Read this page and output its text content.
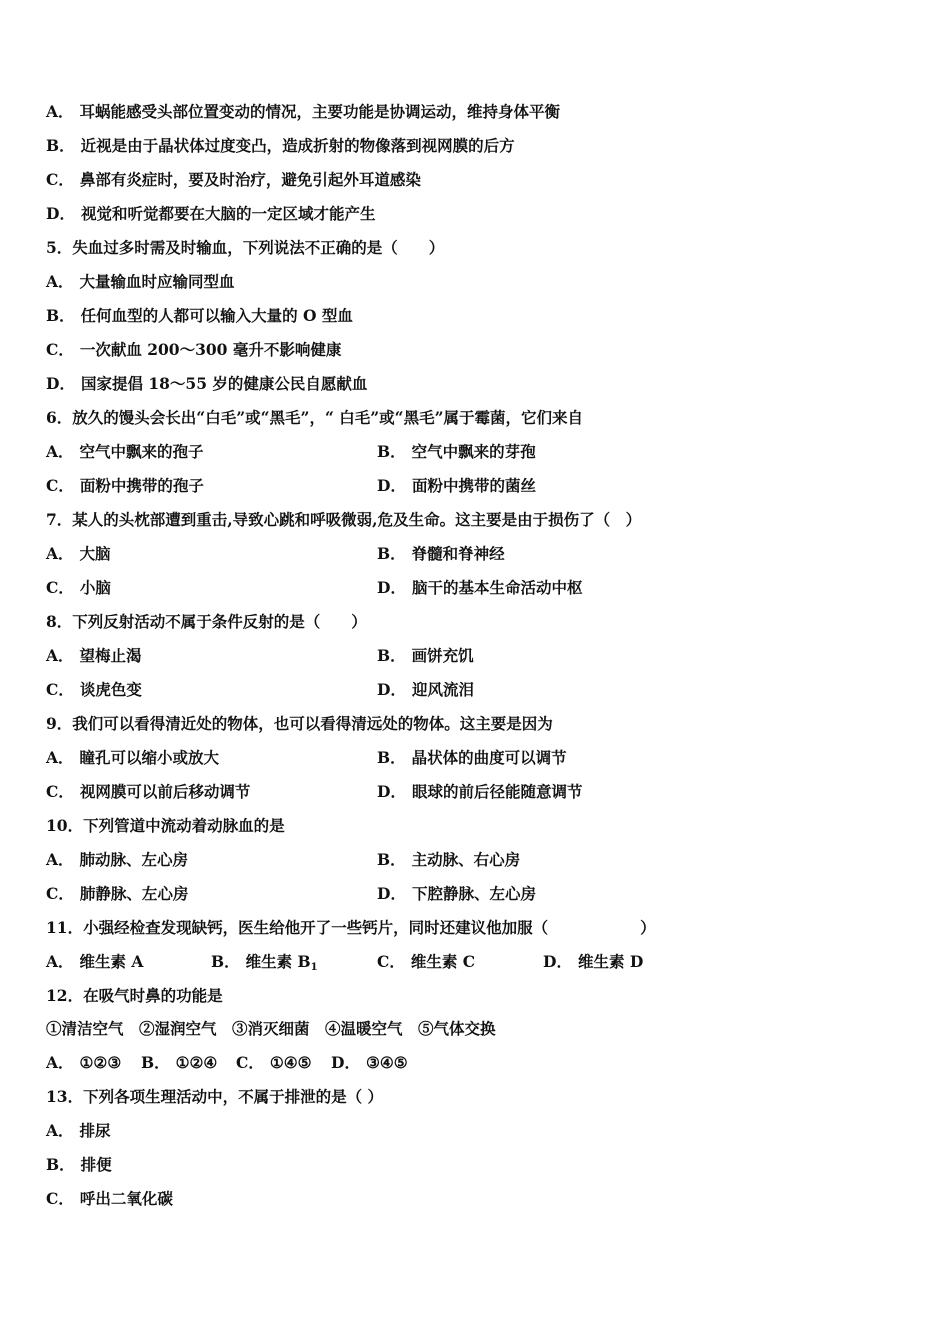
A． 耳蜗能感受头部位置变动的情况，主要功能是协调运动，维持身体平衡
B． 近视是由于晶状体过度变凸，造成折射的物像落到视网膜的后方
C． 鼻部有炎症时，要及时治疗，避免引起外耳道感染
D． 视觉和听觉都要在大脑的一定区域才能产生
5．失血过多时需及时输血，下列说法不正确的是（　　）
A． 大量输血时应输同型血
B． 任何血型的人都可以输入大量的 O 型血
C． 一次献血 200～300 毫升不影响健康
D． 国家提倡 18～55 岁的健康公民自愿献血
6．放久的馒头会长出“白毛”或“黑毛”，“ 白毛”或“黑毛”属于霉菌，它们来自
A． 空气中飘来的孢子	B． 空气中飘来的芽孢
C． 面粉中携带的孢子	D． 面粉中携带的菌丝
7．某人的头枕部遭到重击,导致心跳和呼吸微弱,危及生命。这主要是由于损伤了（　）
A． 大脑	B． 脊髓和脊神经
C． 小脑	D． 脑干的基本生命活动中枢
8．下列反射活动不属于条件反射的是（　　）
A． 望梅止渴	B． 画饼充饥
C． 谈虎色变	D． 迎风流泪
9．我们可以看得清近处的物体，也可以看得清远处的物体。这主要是因为
A． 瞳孔可以缩小或放大	B． 晶状体的曲度可以调节
C． 视网膜可以前后移动调节	D． 眼球的前后径能随意调节
10．下列管道中流动着动脉血的是
A． 肺动脉、左心房	B． 主动脉、右心房
C． 肺静脉、左心房	D． 下腔静脉、左心房
11．小强经检查发现缺钙，医生给他开了一些钙片，同时还建议他加服（	）
A． 维生素 A	B． 维生素 $B_1$	C． 维生素 C	D． 维生素 D
12．在吸气时鼻的功能是
①清洁空气　②湿润空气　③消灭细菌　④温暖空气　⑤气体交换
A． ①②③ B． ①②④ C． ①④⑤ D． ③④⑤
13．下列各项生理活动中，不属于排泄的是（ ）
A． 排尿
B． 排便
C． 呼出二氧化碳
